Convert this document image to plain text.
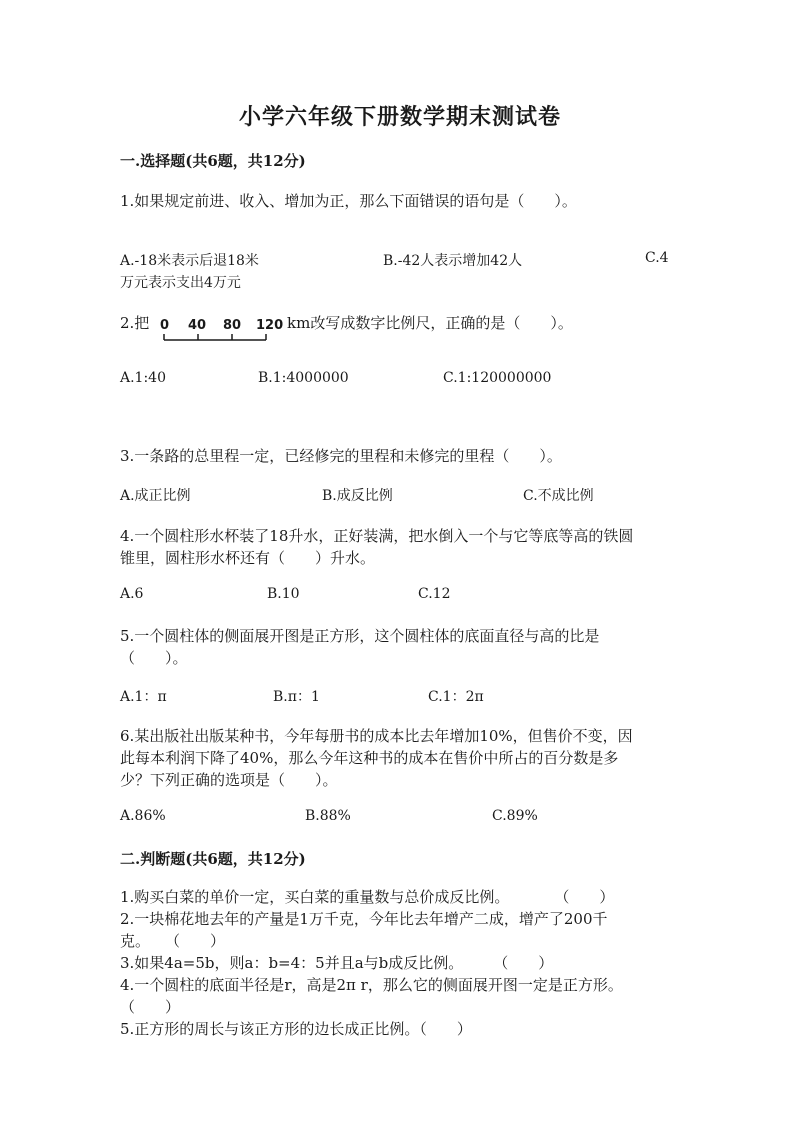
小学六年级下册数学期末测试卷
一.选择题(共6题，共12分)
1.如果规定前进、收入、增加为正，那么下面错误的语句是（　　）。
A.-18米表示后退18米	B.-42人表示增加42人	C.4
万元表示支出4万元
2.把 0 40 80 120 km改写成数字比例尺，正确的是（　　）。
A.1:40	B.1:4000000	C.1:120000000
3.一条路的总里程一定，已经修完的里程和未修完的里程（　　）。
A.成正比例	B.成反比例	C.不成比例
4.一个圆柱形水杯装了18升水，正好装满，把水倒入一个与它等底等高的铁圆
锥里，圆柱形水杯还有（　　）升水。
A.6	B.10	C.12
5.一个圆柱体的侧面展开图是正方形，这个圆柱体的底面直径与高的比是
（　　）。
A.1：π	B.π：1	C.1：2π
6.某出版社出版某种书，今年每册书的成本比去年增加10%，但售价不变，因
此每本利润下降了40%，那么今年这种书的成本在售价中所占的百分数是多
少？下列正确的选项是（　　）。
A.86%	B.88%	C.89%
二.判断题(共6题，共12分)
1.购买白菜的单价一定，买白菜的重量数与总价成反比例。　　　　（　　）
2.一块棉花地去年的产量是1万千克，今年比去年增产二成，增产了200千
克。　　（　　）
3.如果4a=5b，则a：b=4：5并且a与b成反比例。　　　（　　）
4.一个圆柱的底面半径是r，高是2π r，那么它的侧面展开图一定是正方形。
（　　）
5.正方形的周长与该正方形的边长成正比例。（　　）
